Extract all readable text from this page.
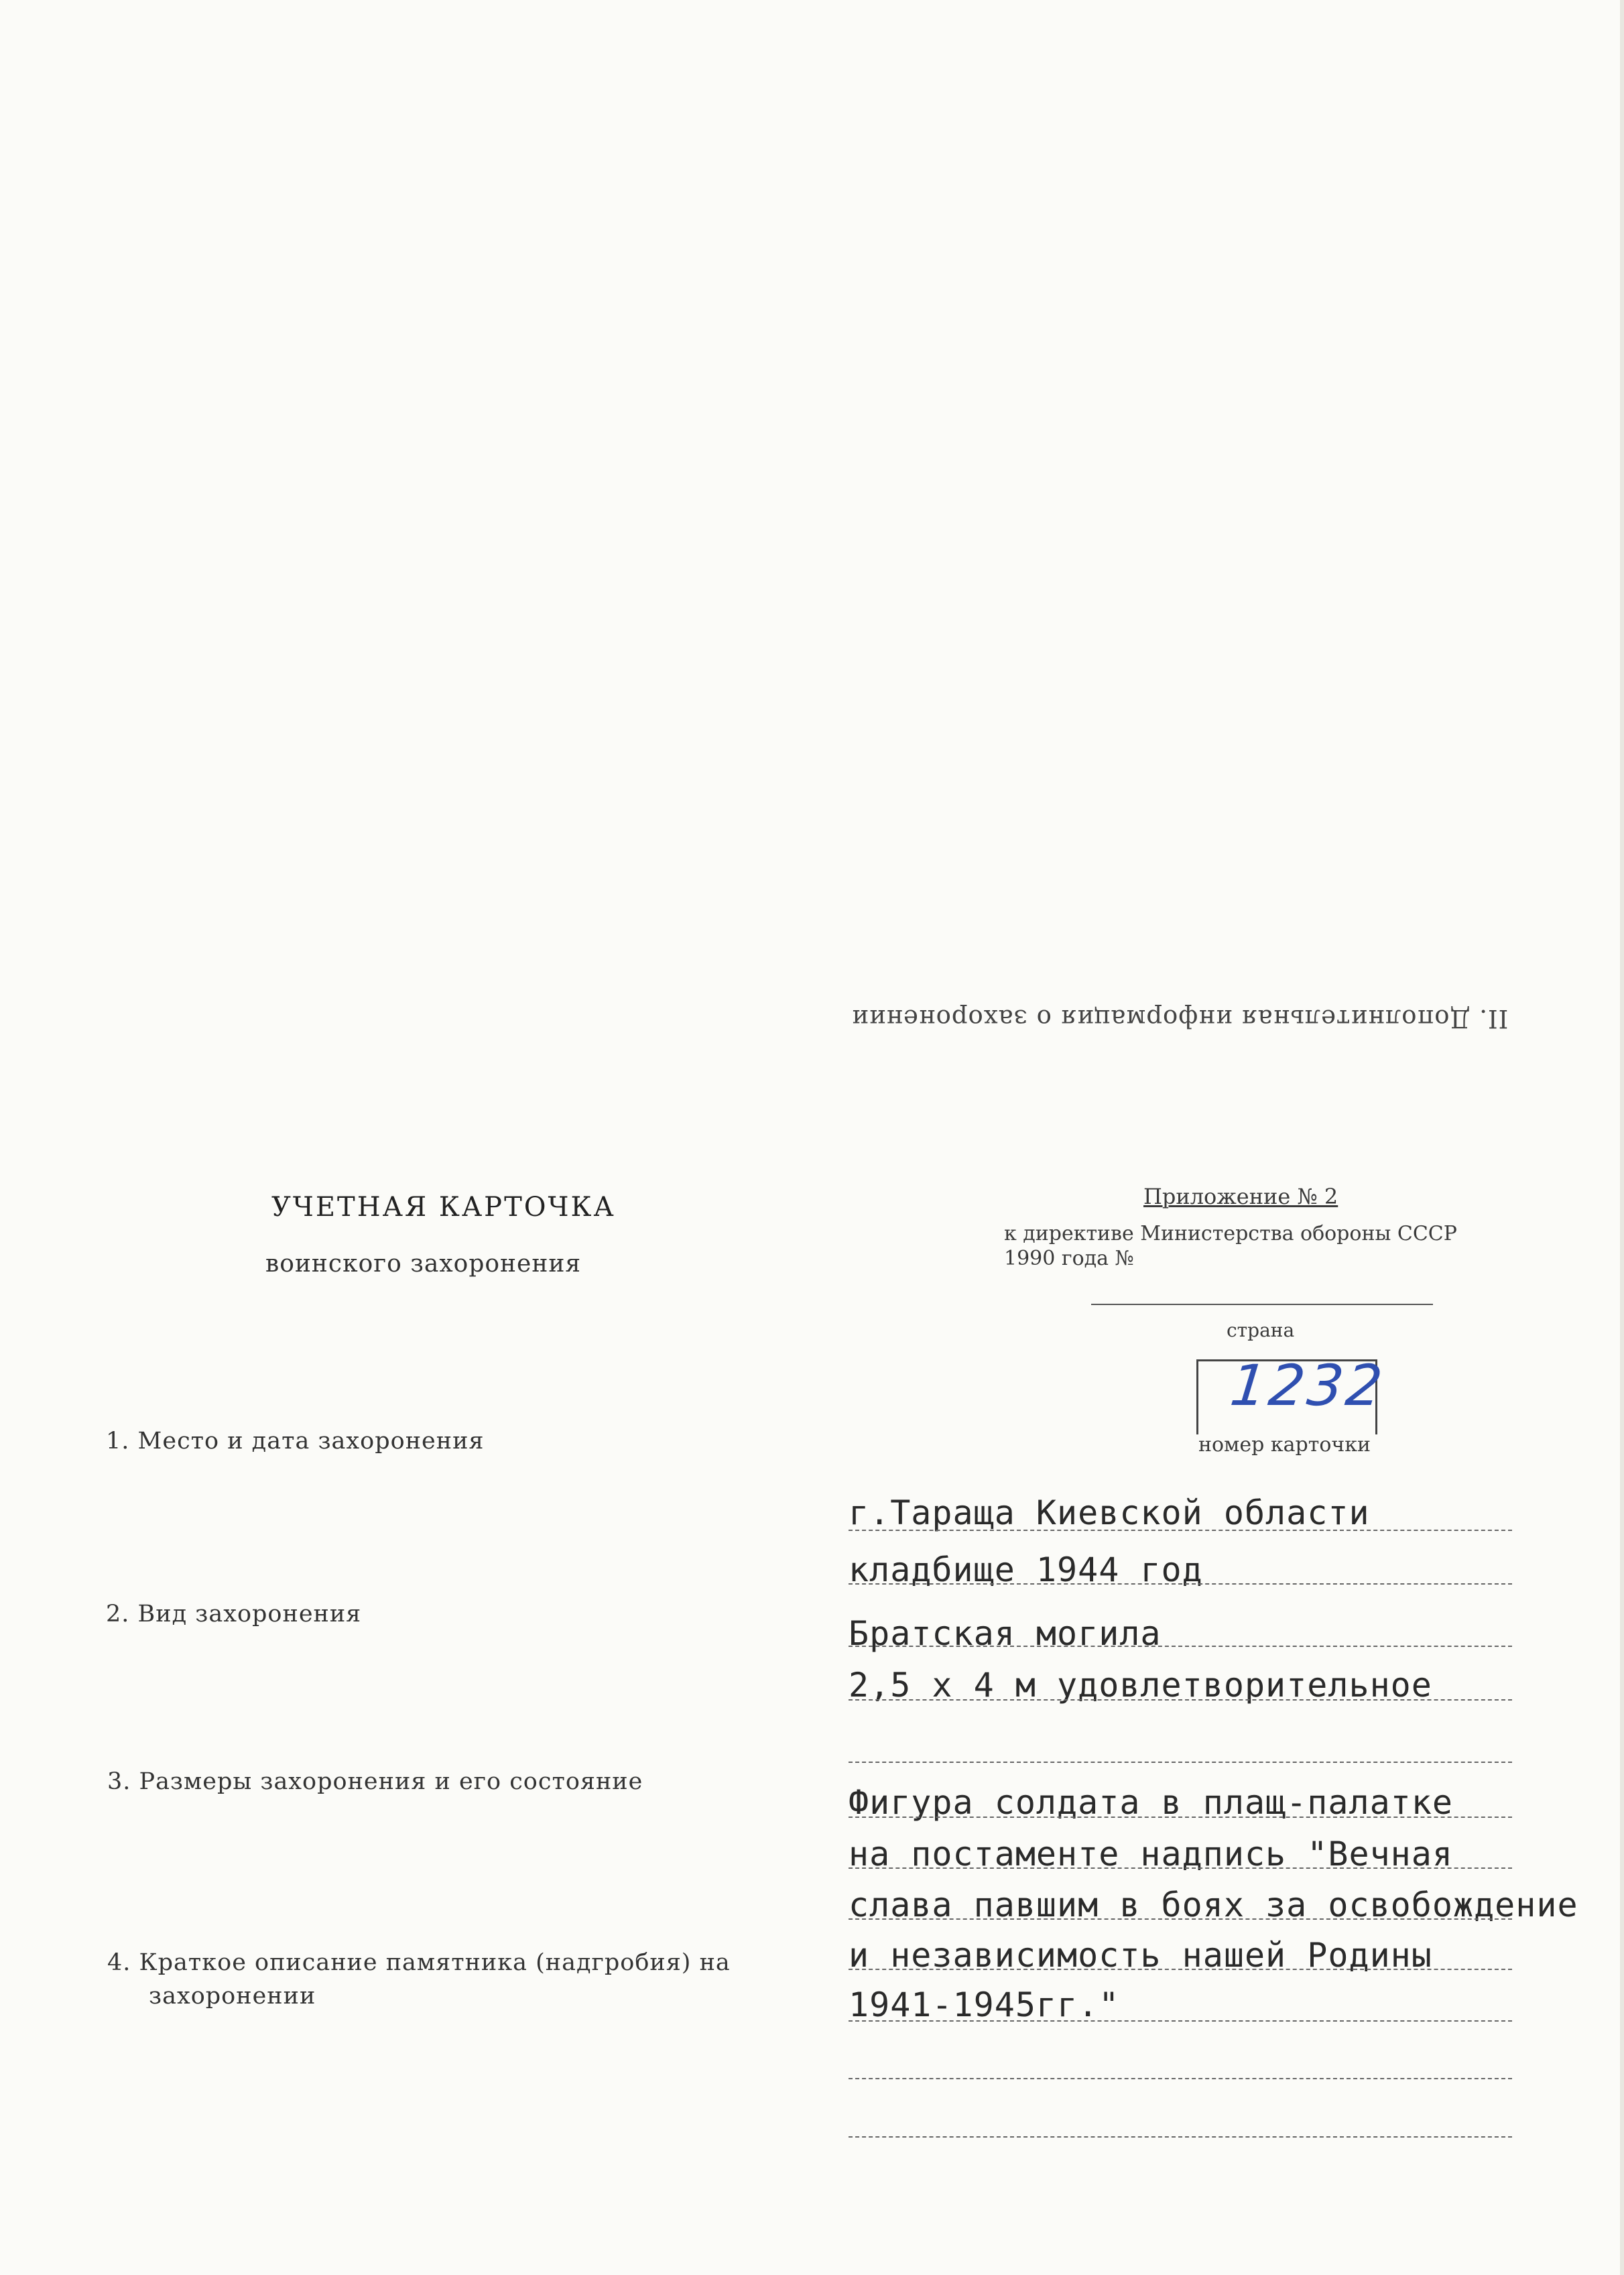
II. Дополнительная информация о захоронении
УЧЕТНАЯ КАРТОЧКА
воинского захоронения
Приложение № 2
к директиве Министерства обороны СССР
1990 года №
страна
1232
номер карточки
1. Место и дата захоронения
2. Вид захоронения
3. Размеры захоронения и его состояние
4. Краткое описание памятника (надгробия) на
захоронении
г.Тараща Киевской области
кладбище 1944 год
Братская могила
2,5 х 4 м удовлетворительное
Фигура солдата в плащ-палатке
на постаменте надпись "Вечная
слава павшим в боях за освобождение
и независимость нашей Родины
1941-1945гг."
